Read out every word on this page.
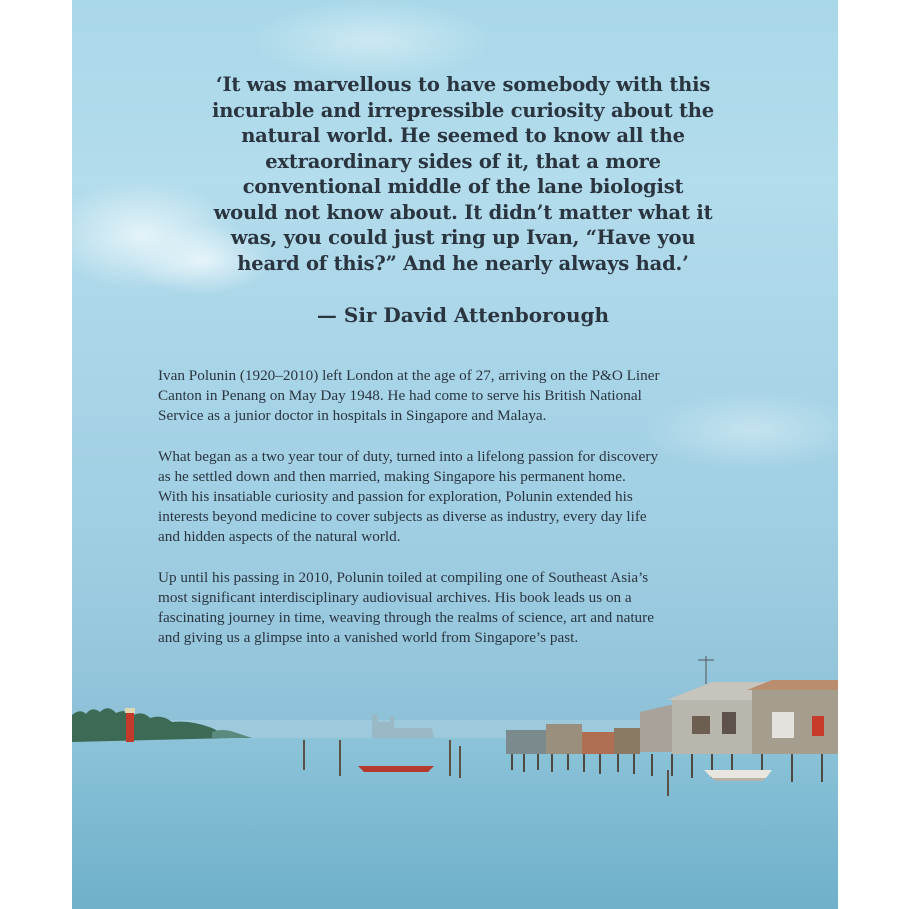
‘It was marvellous to have somebody with this
incurable and irrepressible curiosity about the
natural world. He seemed to know all the
extraordinary sides of it, that a more
conventional middle of the lane biologist
would not know about. It didn’t matter what it
was, you could just ring up Ivan, “Have you
heard of this?” And he nearly always had.’
— Sir David Attenborough

Ivan Polunin (1920–2010) left London at the age of 27, arriving on the P&O Liner
Canton in Penang on May Day 1948. He had come to serve his British National
Service as a junior doctor in hospitals in Singapore and Malaya.

What began as a two year tour of duty, turned into a lifelong passion for discovery
as he settled down and then married, making Singapore his permanent home.
With his insatiable curiosity and passion for exploration, Polunin extended his
interests beyond medicine to cover subjects as diverse as industry, every day life
and hidden aspects of the natural world.

Up until his passing in 2010, Polunin toiled at compiling one of Southeast Asia’s
most significant interdisciplinary audiovisual archives. His book leads us on a
fascinating journey in time, weaving through the realms of science, art and nature
and giving us a glimpse into a vanished world from Singapore’s past.
